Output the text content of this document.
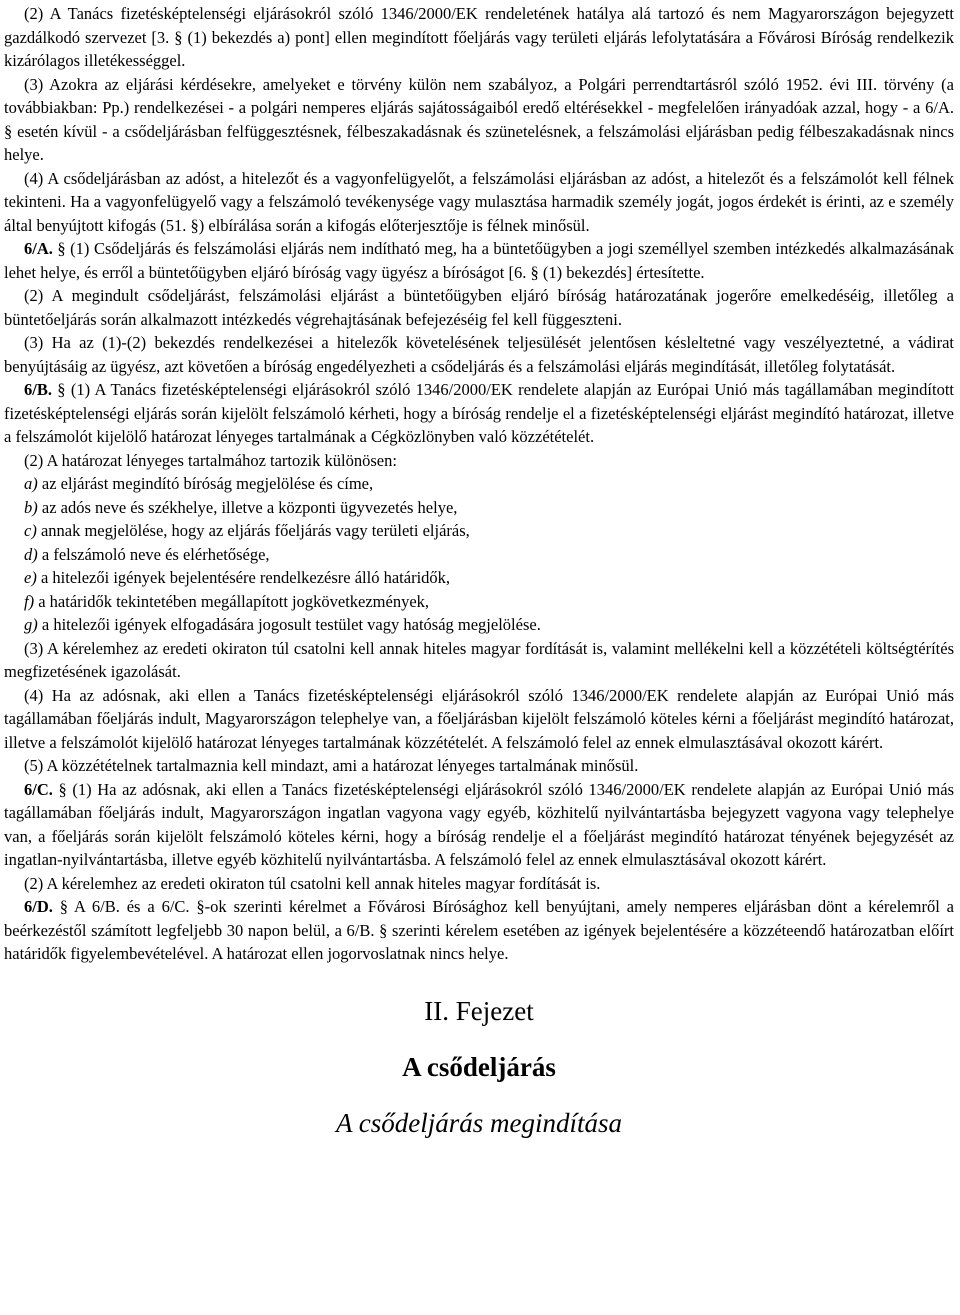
(2) A Tanács fizetésképtelenségi eljárásokról szóló 1346/2000/EK rendeletének hatálya alá tartozó és nem Magyarországon bejegyzett gazdálkodó szervezet [3. § (1) bekezdés a) pont] ellen megindított főeljárás vagy területi eljárás lefolytatására a Fővárosi Bíróság rendelkezik kizárólagos illetékességgel.

(3) Azokra az eljárási kérdésekre, amelyeket e törvény külön nem szabályoz, a Polgári perrendtartásról szóló 1952. évi III. törvény (a továbbiakban: Pp.) rendelkezései - a polgári nemperes eljárás sajátosságaiból eredő eltérésekkel - megfelelően irányadóak azzal, hogy - a 6/A. § esetén kívül - a csődeljárásban felfüggesztésnek, félbeszakadásnak és szünetelésnek, a felszámolási eljárásban pedig félbeszakadásnak nincs helye.

(4) A csődeljárásban az adóst, a hitelezőt és a vagyonfelügyelőt, a felszámolási eljárásban az adóst, a hitelezőt és a felszámolót kell félnek tekinteni. Ha a vagyonfelügyelő vagy a felszámoló tevékenysége vagy mulasztása harmadik személy jogát, jogos érdekét is érinti, az e személy által benyújtott kifogás (51. §) elbírálása során a kifogás előterjesztője is félnek minősül.

6/A. § (1) Csődeljárás és felszámolási eljárás nem indítható meg, ha a büntetőügyben a jogi személlyel szemben intézkedés alkalmazásának lehet helye, és erről a büntetőügyben eljáró bíróság vagy ügyész a bíróságot [6. § (1) bekezdés] értesítette.

(2) A megindult csődeljárást, felszámolási eljárást a büntetőügyben eljáró bíróság határozatának jogerőre emelkedéséig, illetőleg a büntetőeljárás során alkalmazott intézkedés végrehajtásának befejezéséig fel kell függeszteni.

(3) Ha az (1)-(2) bekezdés rendelkezései a hitelezők követelésének teljesülését jelentősen késleltetné vagy veszélyeztetné, a vádirat benyújtásáig az ügyész, azt követően a bíróság engedélyezheti a csődeljárás és a felszámolási eljárás megindítását, illetőleg folytatását.

6/B. § (1) A Tanács fizetésképtelenségi eljárásokról szóló 1346/2000/EK rendelete alapján az Európai Unió más tagállamában megindított fizetésképtelenségi eljárás során kijelölt felszámoló kérheti, hogy a bíróság rendelje el a fizetésképtelenségi eljárást megindító határozat, illetve a felszámolót kijelölő határozat lényeges tartalmának a Cégközlönyben való közzétételét.

(2) A határozat lényeges tartalmához tartozik különösen:

a) az eljárást megindító bíróság megjelölése és címe,

b) az adós neve és székhelye, illetve a központi ügyvezetés helye,

c) annak megjelölése, hogy az eljárás főeljárás vagy területi eljárás,

d) a felszámoló neve és elérhetősége,

e) a hitelezői igények bejelentésére rendelkezésre álló határidők,

f) a határidők tekintetében megállapított jogkövetkezmények,

g) a hitelezői igények elfogadására jogosult testület vagy hatóság megjelölése.

(3) A kérelemhez az eredeti okiraton túl csatolni kell annak hiteles magyar fordítását is, valamint mellékelni kell a közzétételi költségtérítés megfizetésének igazolását.

(4) Ha az adósnak, aki ellen a Tanács fizetésképtelenségi eljárásokról szóló 1346/2000/EK rendelete alapján az Európai Unió más tagállamában főeljárás indult, Magyarországon telephelye van, a főeljárásban kijelölt felszámoló köteles kérni a főeljárást megindító határozat, illetve a felszámolót kijelölő határozat lényeges tartalmának közzétételét. A felszámoló felel az ennek elmulasztásával okozott kárért.

(5) A közzétételnek tartalmaznia kell mindazt, ami a határozat lényeges tartalmának minősül.

6/C. § (1) Ha az adósnak, aki ellen a Tanács fizetésképtelenségi eljárásokról szóló 1346/2000/EK rendelete alapján az Európai Unió más tagállamában főeljárás indult, Magyarországon ingatlan vagyona vagy egyéb, közhitelű nyilvántartásba bejegyzett vagyona vagy telephelye van, a főeljárás során kijelölt felszámoló köteles kérni, hogy a bíróság rendelje el a főeljárást megindító határozat tényének bejegyzését az ingatlan-nyilvántartásba, illetve egyéb közhitelű nyilvántartásba. A felszámoló felel az ennek elmulasztásával okozott kárért.

(2) A kérelemhez az eredeti okiraton túl csatolni kell annak hiteles magyar fordítását is.

6/D. § A 6/B. és a 6/C. §-ok szerinti kérelmet a Fővárosi Bírósághoz kell benyújtani, amely nemperes eljárásban dönt a kérelemről a beérkezéstől számított legfeljebb 30 napon belül, a 6/B. § szerinti kérelem esetében az igények bejelentésére a közzéteendő határozatban előírt határidők figyelembevételével. A határozat ellen jogorvoslatnak nincs helye.

II. Fejezet

A csődeljárás

A csődeljárás megindítása
